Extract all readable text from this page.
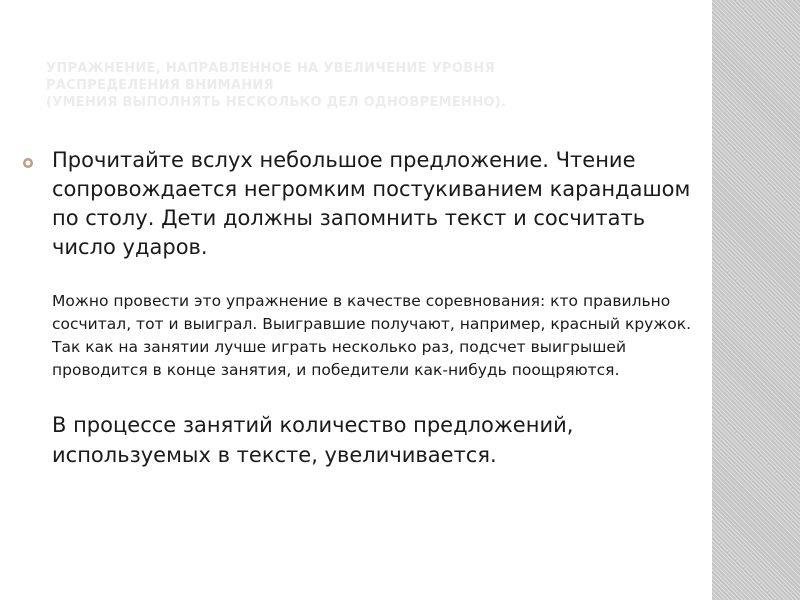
УПРАЖНЕНИЕ, НАПРАВЛЕННОЕ НА УВЕЛИЧЕНИЕ УРОВНЯ
РАСПРЕДЕЛЕНИЯ ВНИМАНИЯ
(УМЕНИЯ ВЫПОЛНЯТЬ НЕСКОЛЬКО ДЕЛ ОДНОВРЕМЕННО).

Прочитайте вслух небольшое предложение. Чтение сопровождается негромким постукиванием карандашом по столу. Дети должны запомнить текст и сосчитать число ударов.

Можно провести это упражнение в качестве соревнования: кто правильно сосчитал, тот и выиграл. Выигравшие получают, например, красный кружок. Так как на занятии лучше играть несколько раз, подсчет выигрышей проводится в конце занятия, и победители как-нибудь поощряются.

В процессе занятий количество предложений, используемых в тексте, увеличивается.
